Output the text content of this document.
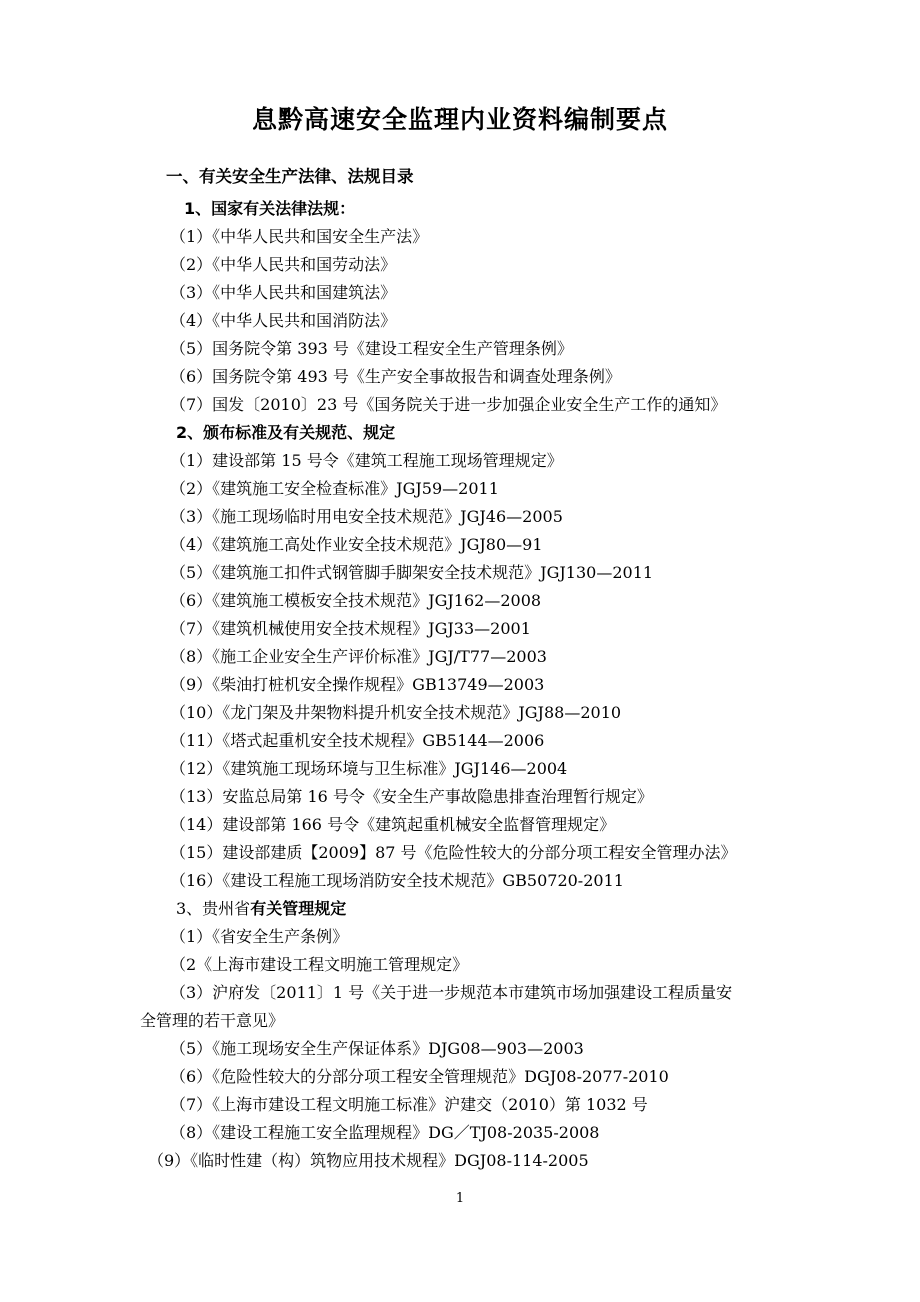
息黔高速安全监理内业资料编制要点
一、有关安全生产法律、法规目录
1、国家有关法律法规：
（1）《中华人民共和国安全生产法》
（2）《中华人民共和国劳动法》
（3）《中华人民共和国建筑法》
（4）《中华人民共和国消防法》
（5）国务院令第 393 号《建设工程安全生产管理条例》
（6）国务院令第 493 号《生产安全事故报告和调查处理条例》
（7）国发〔2010〕23 号《国务院关于进一步加强企业安全生产工作的通知》
2、颁布标准及有关规范、规定
（1）建设部第 15 号令《建筑工程施工现场管理规定》
（2）《建筑施工安全检查标准》JGJ59—2011
（3）《施工现场临时用电安全技术规范》JGJ46—2005
（4）《建筑施工高处作业安全技术规范》JGJ80—91
（5）《建筑施工扣件式钢管脚手脚架安全技术规范》JGJ130—2011
（6）《建筑施工模板安全技术规范》JGJ162—2008
（7）《建筑机械使用安全技术规程》JGJ33—2001
（8）《施工企业安全生产评价标准》JGJ/T77—2003
（9）《柴油打桩机安全操作规程》GB13749—2003
（10）《龙门架及井架物料提升机安全技术规范》JGJ88—2010
（11）《塔式起重机安全技术规程》GB5144—2006
（12）《建筑施工现场环境与卫生标准》JGJ146—2004
（13）安监总局第 16 号令《安全生产事故隐患排查治理暂行规定》
（14）建设部第 166 号令《建筑起重机械安全监督管理规定》
（15）建设部建质【2009】87 号《危险性较大的分部分项工程安全管理办法》
（16）《建设工程施工现场消防安全技术规范》GB50720-2011
3、贵州省有关管理规定
（1）《省安全生产条例》
（2《上海市建设工程文明施工管理规定》
（3）沪府发〔2011〕1 号《关于进一步规范本市建筑市场加强建设工程质量安
全管理的若干意见》
（5）《施工现场安全生产保证体系》DJG08—903—2003
（6）《危险性较大的分部分项工程安全管理规范》DGJ08-2077-2010
（7）《上海市建设工程文明施工标准》沪建交（2010）第 1032 号
（8）《建设工程施工安全监理规程》DG／TJ08-2035-2008
（9）《临时性建（构）筑物应用技术规程》DGJ08-114-2005
1
